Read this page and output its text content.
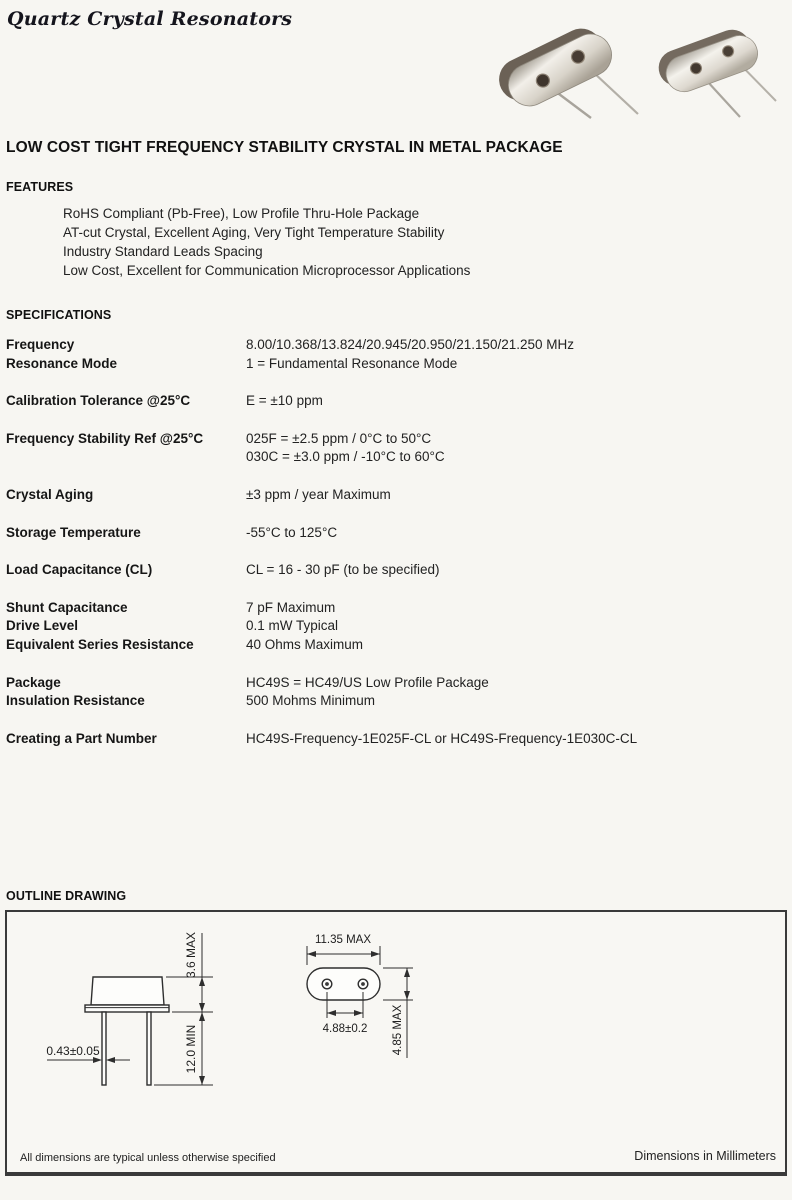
Quartz Crystal Resonators
LOW COST TIGHT FREQUENCY STABILITY CRYSTAL IN METAL PACKAGE
FEATURES
RoHS Compliant (Pb-Free), Low Profile Thru-Hole Package
AT-cut Crystal, Excellent Aging, Very Tight Temperature Stability
Industry Standard Leads Spacing
Low Cost, Excellent for Communication Microprocessor Applications
SPECIFICATIONS
Frequency	8.00/10.368/13.824/20.945/20.950/21.150/21.250 MHz
Resonance Mode	1 = Fundamental Resonance Mode
Calibration Tolerance @25°C	E = ±10 ppm
Frequency Stability Ref @25°C	025F = ±2.5 ppm / 0°C to 50°C
030C = ±3.0 ppm / -10°C to 60°C
Crystal Aging	±3 ppm / year Maximum
Storage Temperature	-55°C to 125°C
Load Capacitance (CL)	CL = 16 - 30 pF (to be specified)
Shunt Capacitance	7 pF Maximum
Drive Level	0.1 mW Typical
Equivalent Series Resistance	40 Ohms Maximum
Package	HC49S = HC49/US Low Profile Package
Insulation Resistance	500 Mohms Minimum
Creating a Part Number	HC49S-Frequency-1E025F-CL or HC49S-Frequency-1E030C-CL
OUTLINE DRAWING
3.6 MAX
12.0 MIN
0.43±0.05
11.35 MAX
4.88±0.2 4.85 MAX
All dimensions are typical unless otherwise specified	Dimensions in Millimeters
